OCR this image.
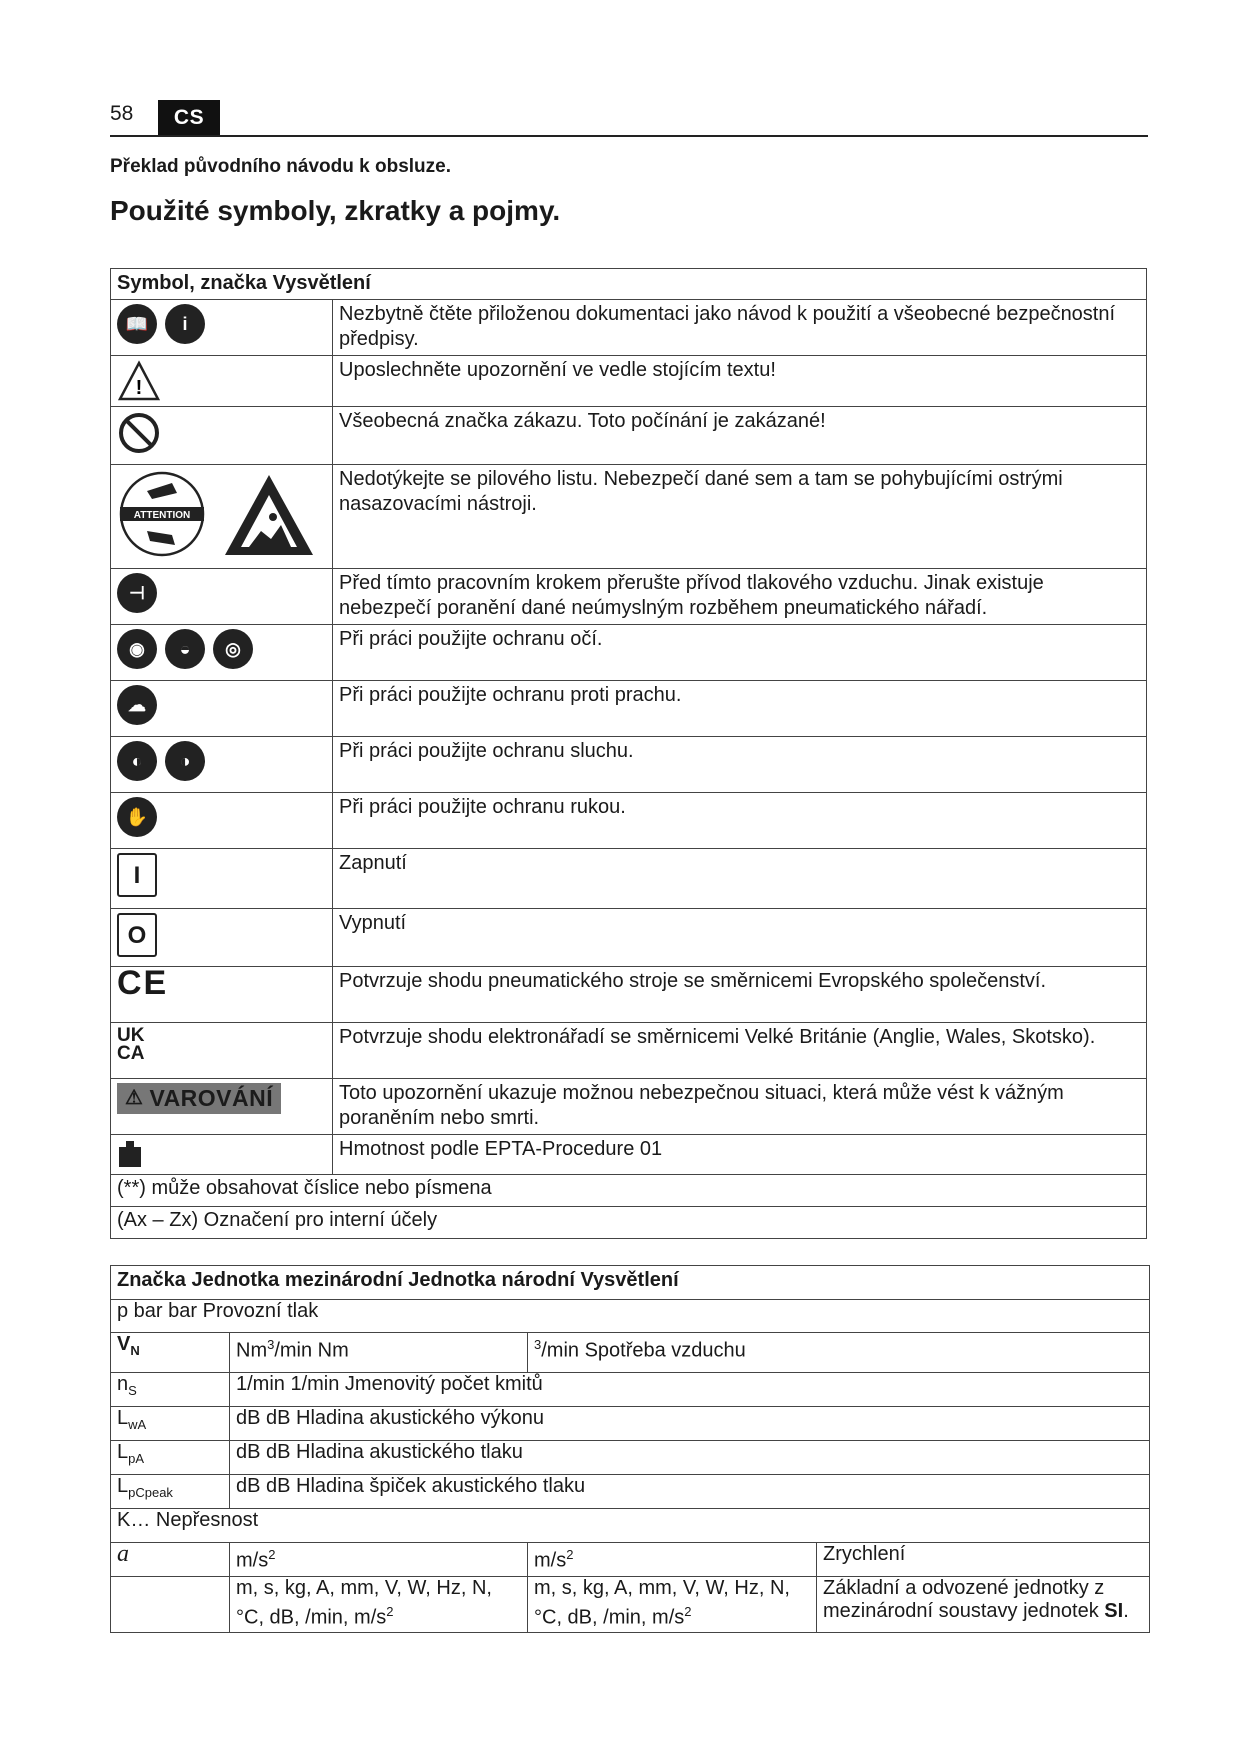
58	CS
Překlad původního návodu k obsluze.
Použité symboly, zkratky a pojmy.
Symbol, značka Vysvětlení	

📖 i	Nezbytně čtěte přiloženou dokumentaci jako návod k použití a všeobecné bezpečnostní předpisy.

!	Uposlechněte upozornění ve vedle stojícím textu!

	Všeobecná značka zákazu. Toto počínání je zakázané!

ATTENTION	Nedotýkejte se pilového listu. Nebezpečí dané sem a tam se pohybujícími ostrými nasazovacími nástroji.

⊣	Před tímto pracovním krokem přerušte přívod tlakového vzduchu. Jinak existuje nebezpečí poranění dané neúmyslným rozběhem pneumatického nářadí.

◉ ◒ ◎	Při práci použijte ochranu očí.

☁	Při práci použijte ochranu proti prachu.

◐ ◑	Při práci použijte ochranu sluchu.

✋	Při práci použijte ochranu rukou.

I	Zapnutí

O	Vypnutí

CE	Potvrzuje shodu pneumatického stroje se směrnicemi Evropského společenství.

UK
CA	Potvrzuje shodu elektronářadí se směrnicemi Velké Británie (Anglie, Wales, Skotsko).

⚠ VAROVÁNÍ	Toto upozornění ukazuje možnou nebezpečnou situaci, která může vést k vážným poraněním nebo smrti.

	Hmotnost podle EPTA-Procedure 01
(**) může obsahovat číslice nebo písmena	
(Ax – Zx) Označení pro interní účely	
Značka Jednotka mezinárodní Jednotka národní Vysvětlení			
p bar bar Provozní tlak			
$V_N$	Nm$^3$/min Nm	$^3$/min Spotřeba vzduchu	
$n_S$	1/min 1/min Jmenovitý počet kmitů		
$L_{wA}$	dB dB Hladina akustického výkonu		
$L_{pA}$	dB dB Hladina akustického tlaku		
$L_{pCpeak}$	dB dB Hladina špiček akustického tlaku		
K… Nepřesnost			
a	$m/s^2$	$m/s^2$	Zrychlení
	m, s, kg, A, mm, V, W, Hz, N, °C, dB, /min, $m/s^2$	m, s, kg, A, mm, V, W, Hz, N, °C, dB, /min, $m/s^2$	Základní a odvozené jednotky z mezinárodní soustavy jednotek SI.
